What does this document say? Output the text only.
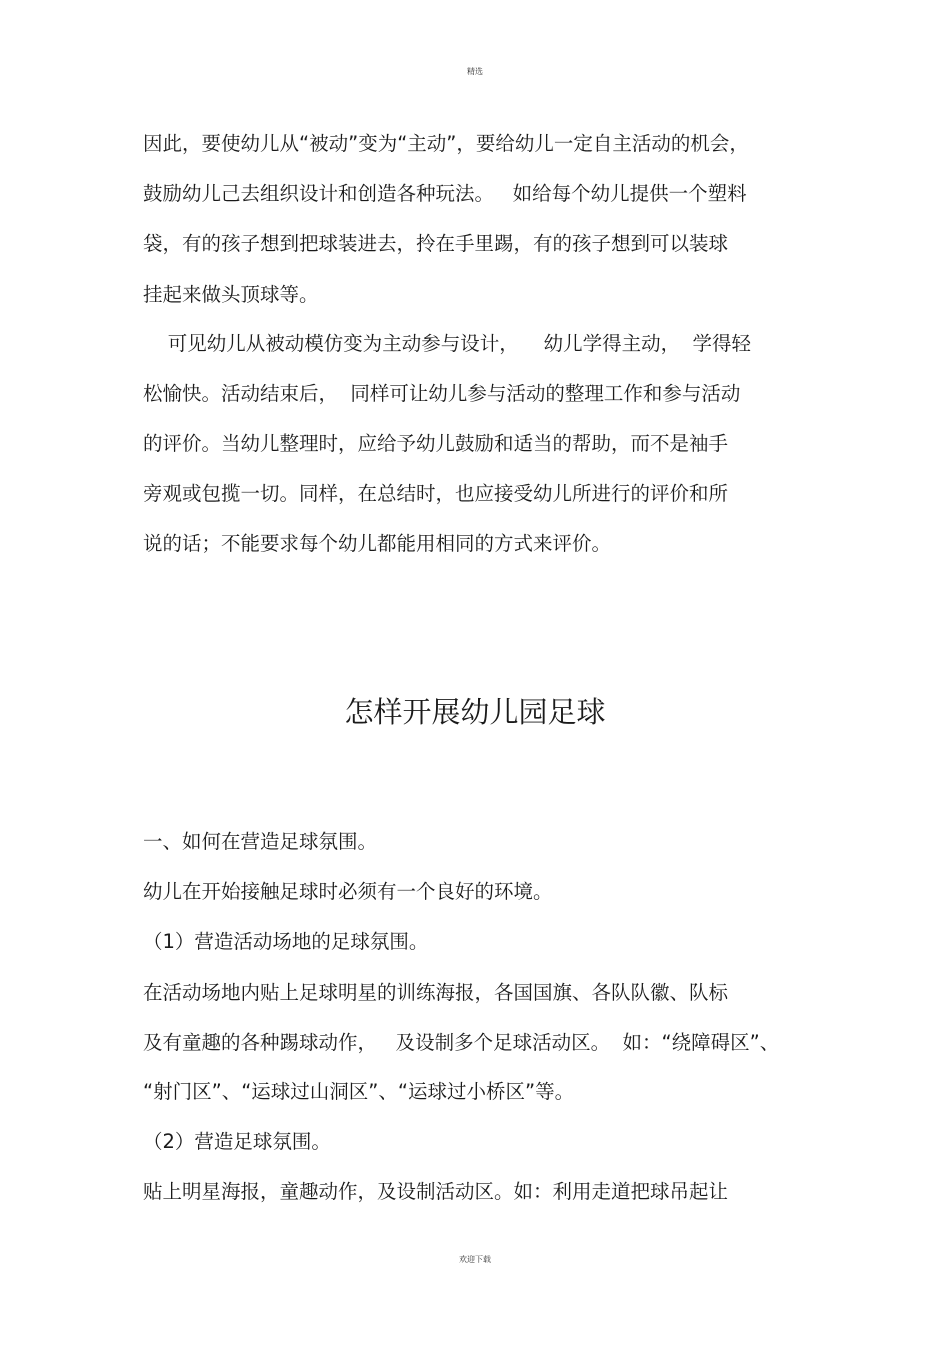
精选
因此，要使幼儿从“被动”变为“主动”，要给幼儿一定自主活动的机会，
鼓励幼儿己去组织设计和创造各种玩法。   如给每个幼儿提供一个塑料
袋，有的孩子想到把球装进去，拎在手里踢，有的孩子想到可以装球
挂起来做头顶球等。
可见幼儿从被动模仿变为主动参与设计，    幼儿学得主动，  学得轻
松愉快。活动结束后，  同样可让幼儿参与活动的整理工作和参与活动
的评价。当幼儿整理时，应给予幼儿鼓励和适当的帮助，而不是袖手
旁观或包揽一切。同样，在总结时，也应接受幼儿所进行的评价和所
说的话；不能要求每个幼儿都能用相同的方式来评价。
怎样开展幼儿园足球
一、如何在营造足球氛围。
幼儿在开始接触足球时必须有一个良好的环境。
（1）营造活动场地的足球氛围。
在活动场地内贴上足球明星的训练海报，各国国旗、各队队徽、队标
及有童趣的各种踢球动作，   及设制多个足球活动区。  如：“绕障碍区”、
“射门区”、“运球过山洞区”、“运球过小桥区”等。
（2）营造足球氛围。
贴上明星海报，童趣动作，及设制活动区。如：利用走道把球吊起让
欢迎下载
